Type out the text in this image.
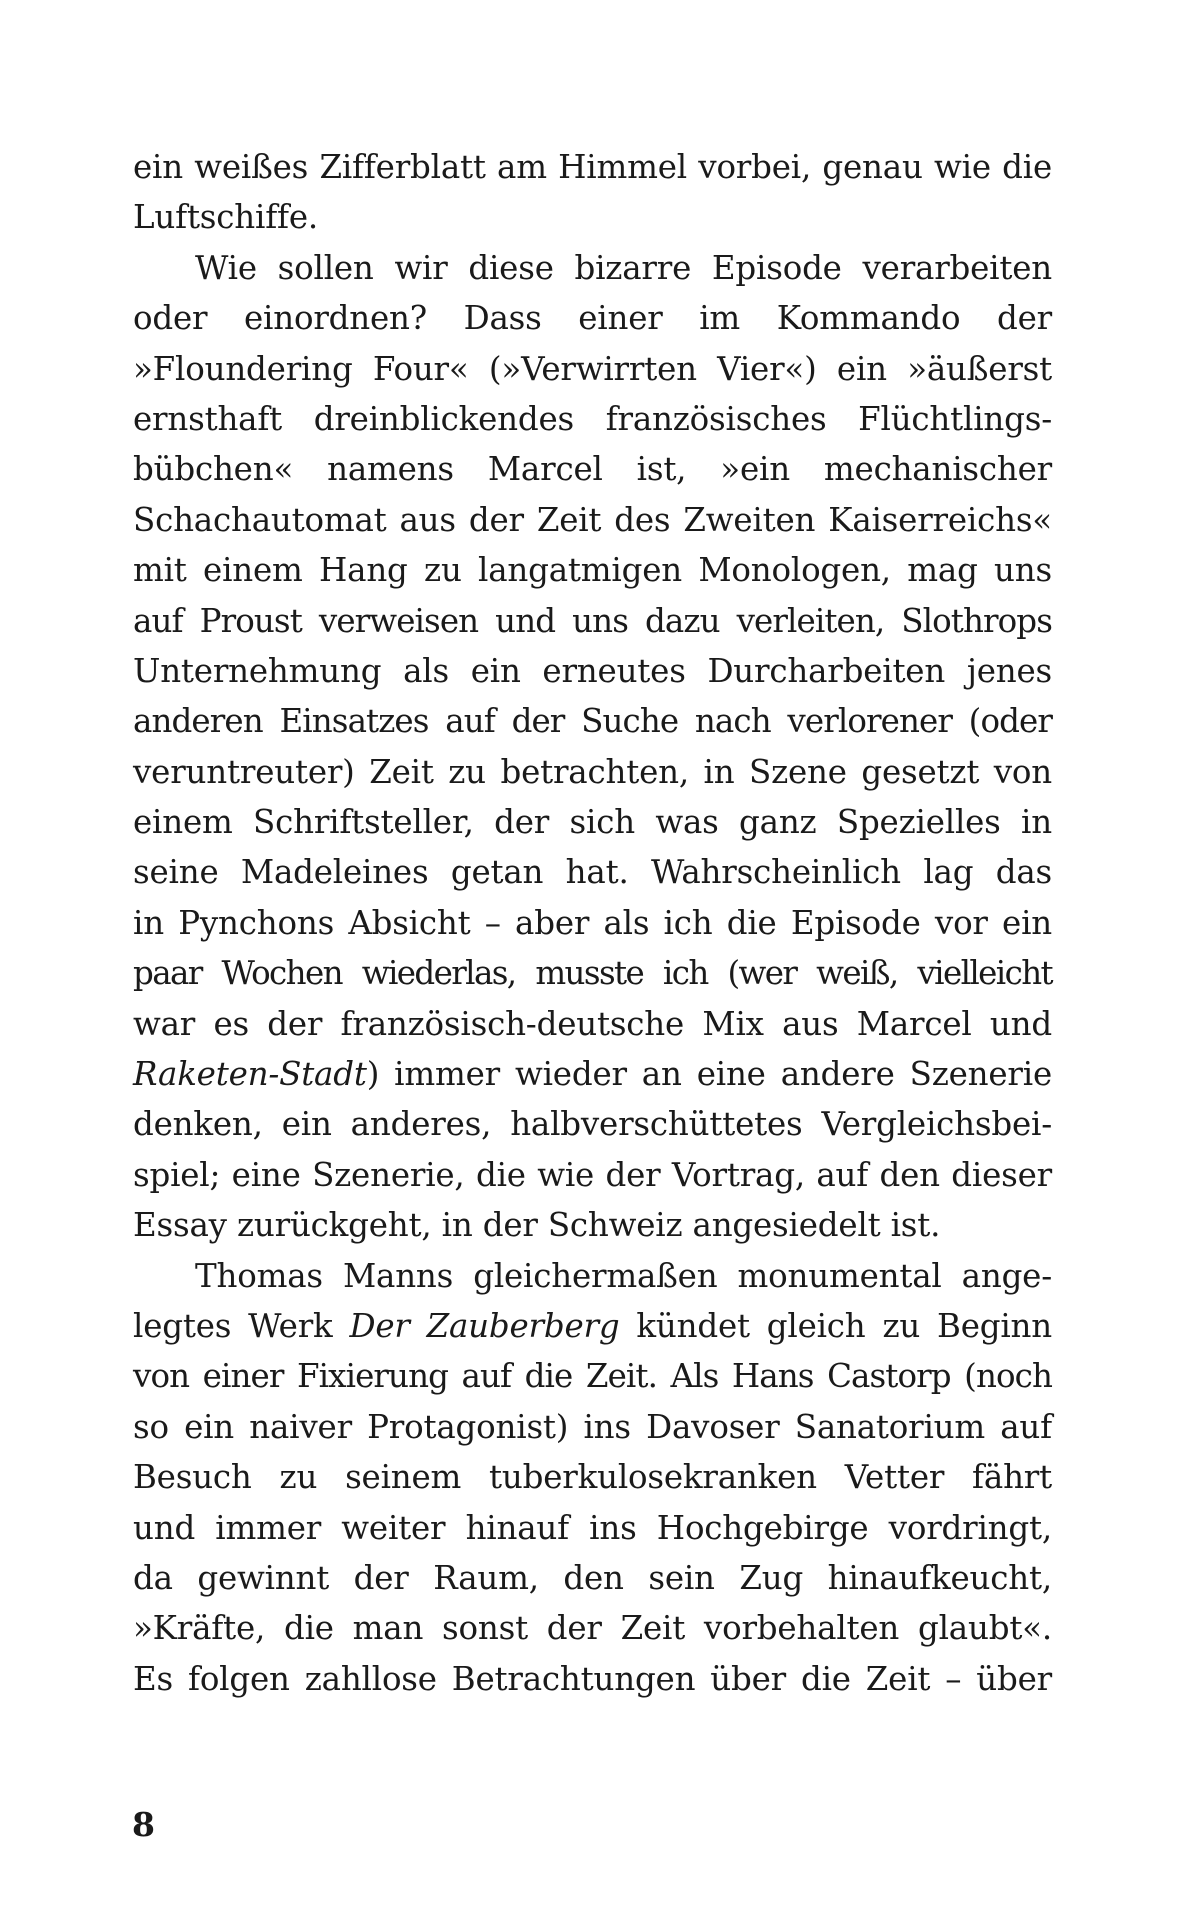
ein weißes Zifferblatt am Himmel vorbei, genau wie die
Luftschiffe.
Wie sollen wir diese bizarre Episode verarbeiten
oder einordnen? Dass einer im Kommando der
»Floundering Four« (»Verwirrten Vier«) ein »äußerst
ernsthaft dreinblickendes französisches Flüchtlings-
bübchen« namens Marcel ist, »ein mechanischer
Schachautomat aus der Zeit des Zweiten Kaiserreichs«
mit einem Hang zu langatmigen Monologen, mag uns
auf Proust verweisen und uns dazu verleiten, Slothrops
Unternehmung als ein erneutes Durcharbeiten jenes
anderen Einsatzes auf der Suche nach verlorener (oder
veruntreuter) Zeit zu betrachten, in Szene gesetzt von
einem Schriftsteller, der sich was ganz Spezielles in
seine Madeleines getan hat. Wahrscheinlich lag das
in Pynchons Absicht – aber als ich die Episode vor ein
paar Wochen wiederlas, musste ich (wer weiß, vielleicht
war es der französisch-deutsche Mix aus Marcel und
Raketen-Stadt) immer wieder an eine andere Szenerie
denken, ein anderes, halbverschüttetes Vergleichsbei-
spiel; eine Szenerie, die wie der Vortrag, auf den dieser
Essay zurückgeht, in der Schweiz angesiedelt ist.
Thomas Manns gleichermaßen monumental ange-
legtes Werk Der Zauberberg kündet gleich zu Beginn
von einer Fixierung auf die Zeit. Als Hans Castorp (noch
so ein naiver Protagonist) ins Davoser Sanatorium auf
Besuch zu seinem tuberkulosekranken Vetter fährt
und immer weiter hinauf ins Hochgebirge vordringt,
da gewinnt der Raum, den sein Zug hinaufkeucht,
»Kräfte, die man sonst der Zeit vorbehalten glaubt«.
Es folgen zahllose Betrachtungen über die Zeit – über
8
